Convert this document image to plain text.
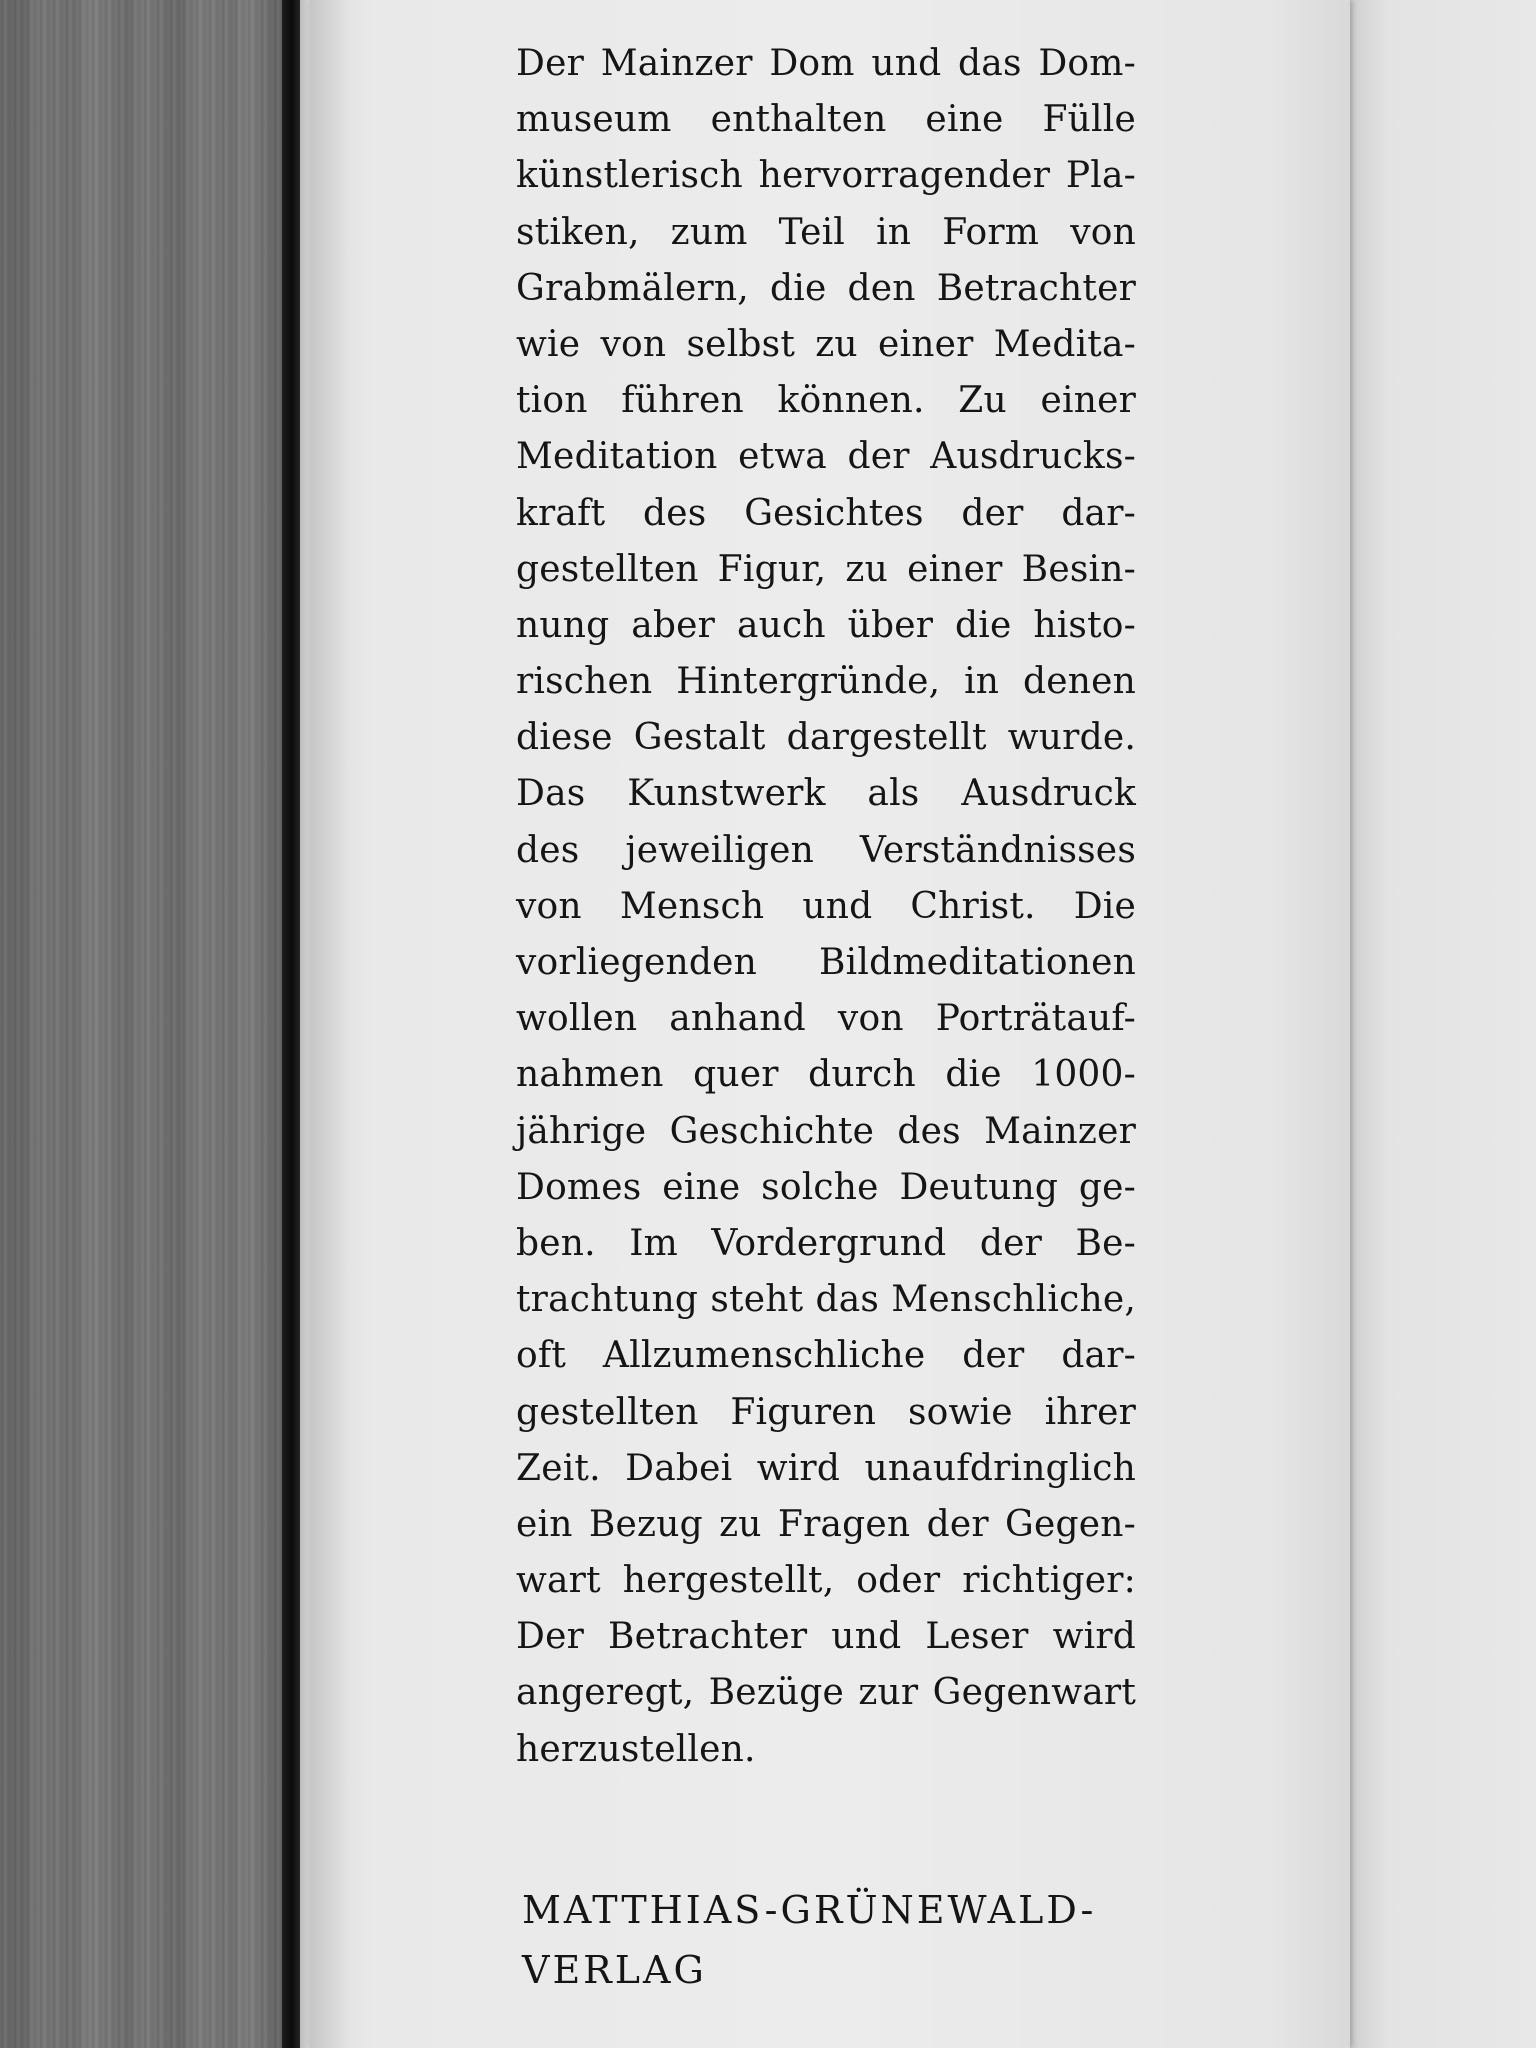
Der Mainzer Dom und das Dom-
museum enthalten eine Fülle
künstlerisch hervorragender Pla-
stiken, zum Teil in Form von
Grabmälern, die den Betrachter
wie von selbst zu einer Medita-
tion führen können. Zu einer
Meditation etwa der Ausdrucks-
kraft des Gesichtes der dar-
gestellten Figur, zu einer Besin-
nung aber auch über die histo-
rischen Hintergründe, in denen
diese Gestalt dargestellt wurde.
Das Kunstwerk als Ausdruck
des jeweiligen Verständnisses
von Mensch und Christ. Die
vorliegenden Bildmeditationen
wollen anhand von Porträtauf-
nahmen quer durch die 1000-
jährige Geschichte des Mainzer
Domes eine solche Deutung ge-
ben. Im Vordergrund der Be-
trachtung steht das Menschliche,
oft Allzumenschliche der dar-
gestellten Figuren sowie ihrer
Zeit. Dabei wird unaufdringlich
ein Bezug zu Fragen der Gegen-
wart hergestellt, oder richtiger:
Der Betrachter und Leser wird
angeregt, Bezüge zur Gegenwart
herzustellen.
MATTHIAS-GRÜNEWALD-
VERLAG
